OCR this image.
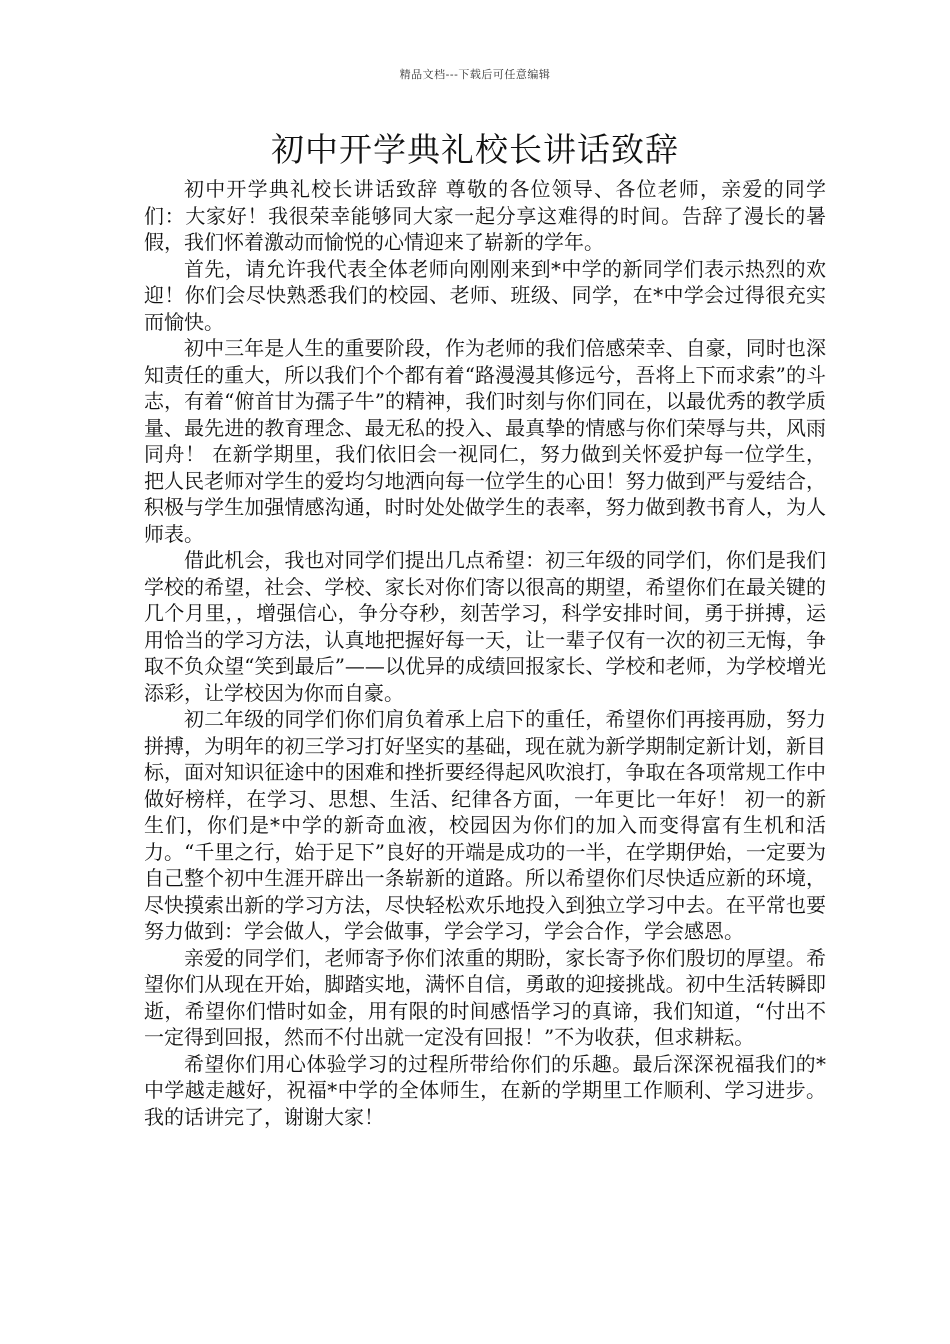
精品文档---下载后可任意编辑
初中开学典礼校长讲话致辞

初中开学典礼校长讲话致辞 尊敬的各位领导、各位老师，亲爱的同学们：大家好！我很荣幸能够同大家一起分享这难得的时间。告辞了漫长的暑假，我们怀着激动而愉悦的心情迎来了崭新的学年。

首先，请允许我代表全体老师向刚刚来到*中学的新同学们表示热烈的欢迎！你们会尽快熟悉我们的校园、老师、班级、同学，在*中学会过得很充实而愉快。

初中三年是人生的重要阶段，作为老师的我们倍感荣幸、自豪，同时也深知责任的重大，所以我们个个都有着“路漫漫其修远兮，吾将上下而求索”的斗志，有着“俯首甘为孺子牛”的精神，我们时刻与你们同在，以最优秀的教学质量、最先进的教育理念、最无私的投入、最真挚的情感与你们荣辱与共，风雨同舟！ 在新学期里，我们依旧会一视同仁，努力做到关怀爱护每一位学生，把人民老师对学生的爱均匀地洒向每一位学生的心田！努力做到严与爱结合，积极与学生加强情感沟通，时时处处做学生的表率，努力做到教书育人，为人师表。

借此机会，我也对同学们提出几点希望：初三年级的同学们，你们是我们学校的希望，社会、学校、家长对你们寄以很高的期望，希望你们在最关键的几个月里，，增强信心，争分夺秒，刻苦学习，科学安排时间，勇于拼搏，运用恰当的学习方法，认真地把握好每一天，让一辈子仅有一次的初三无悔，争取不负众望“笑到最后”——以优异的成绩回报家长、学校和老师，为学校增光添彩，让学校因为你而自豪。

初二年级的同学们你们肩负着承上启下的重任，希望你们再接再励，努力拼搏，为明年的初三学习打好坚实的基础，现在就为新学期制定新计划，新目标，面对知识征途中的困难和挫折要经得起风吹浪打，争取在各项常规工作中做好榜样，在学习、思想、生活、纪律各方面，一年更比一年好！ 初一的新生们，你们是*中学的新奇血液，校园因为你们的加入而变得富有生机和活力。“千里之行，始于足下”良好的开端是成功的一半，在学期伊始，一定要为自己整个初中生涯开辟出一条崭新的道路。所以希望你们尽快适应新的环境，尽快摸索出新的学习方法，尽快轻松欢乐地投入到独立学习中去。在平常也要努力做到：学会做人，学会做事，学会学习，学会合作，学会感恩。

亲爱的同学们，老师寄予你们浓重的期盼，家长寄予你们殷切的厚望。希望你们从现在开始，脚踏实地，满怀自信，勇敢的迎接挑战。初中生活转瞬即逝，希望你们惜时如金，用有限的时间感悟学习的真谛，我们知道，“付出不一定得到回报，然而不付出就一定没有回报！”不为收获，但求耕耘。

希望你们用心体验学习的过程所带给你们的乐趣。最后深深祝福我们的*中学越走越好，祝福*中学的全体师生，在新的学期里工作顺利、学习进步。我的话讲完了，谢谢大家！
